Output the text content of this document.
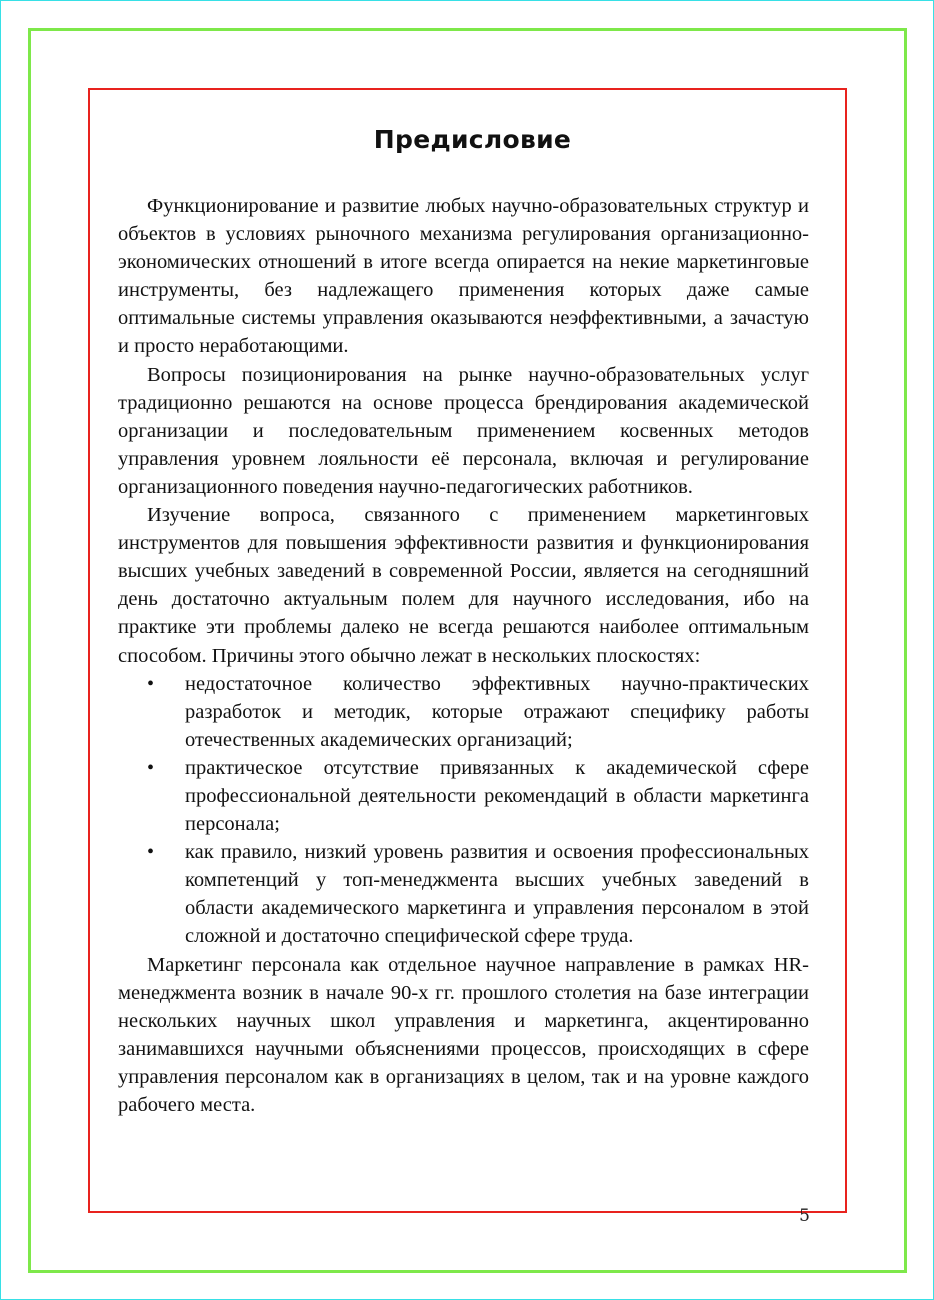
Предисловие

Функционирование и развитие любых научно-образовательных структур и объектов в условиях рыночного механизма регулирования организационно-экономических отношений в итоге всегда опирается на некие маркетинговые инструменты, без надлежащего применения которых даже самые оптимальные системы управления оказываются неэффективными, а зачастую и просто неработающими.

Вопросы позиционирования на рынке научно-образовательных услуг традиционно решаются на основе процесса брендирования академической организации и последовательным применением косвенных методов управления уровнем лояльности её персонала, включая и регулирование организационного поведения научно-педагогических работников.

Изучение вопроса, связанного с применением маркетинговых инструментов для повышения эффективности развития и функционирования высших учебных заведений в современной России, является на сегодняшний день достаточно актуальным полем для научного исследования, ибо на практике эти проблемы далеко не всегда решаются наиболее оптимальным способом. Причины этого обычно лежат в нескольких плоскостях:

• недостаточное количество эффективных научно-практических разработок и методик, которые отражают специфику работы отечественных академических организаций;
• практическое отсутствие привязанных к академической сфере профессиональной деятельности рекомендаций в области маркетинга персонала;
• как правило, низкий уровень развития и освоения профессиональных компетенций у топ-менеджмента высших учебных заведений в области академического маркетинга и управления персоналом в этой сложной и достаточно специфической сфере труда.

Маркетинг персонала как отдельное научное направление в рамках HR-менеджмента возник в начале 90-х гг. прошлого столетия на базе интеграции нескольких научных школ управления и маркетинга, акцентированно занимавшихся научными объяснениями процессов, происходящих в сфере управления персоналом как в организациях в целом, так и на уровне каждого рабочего места.

5
